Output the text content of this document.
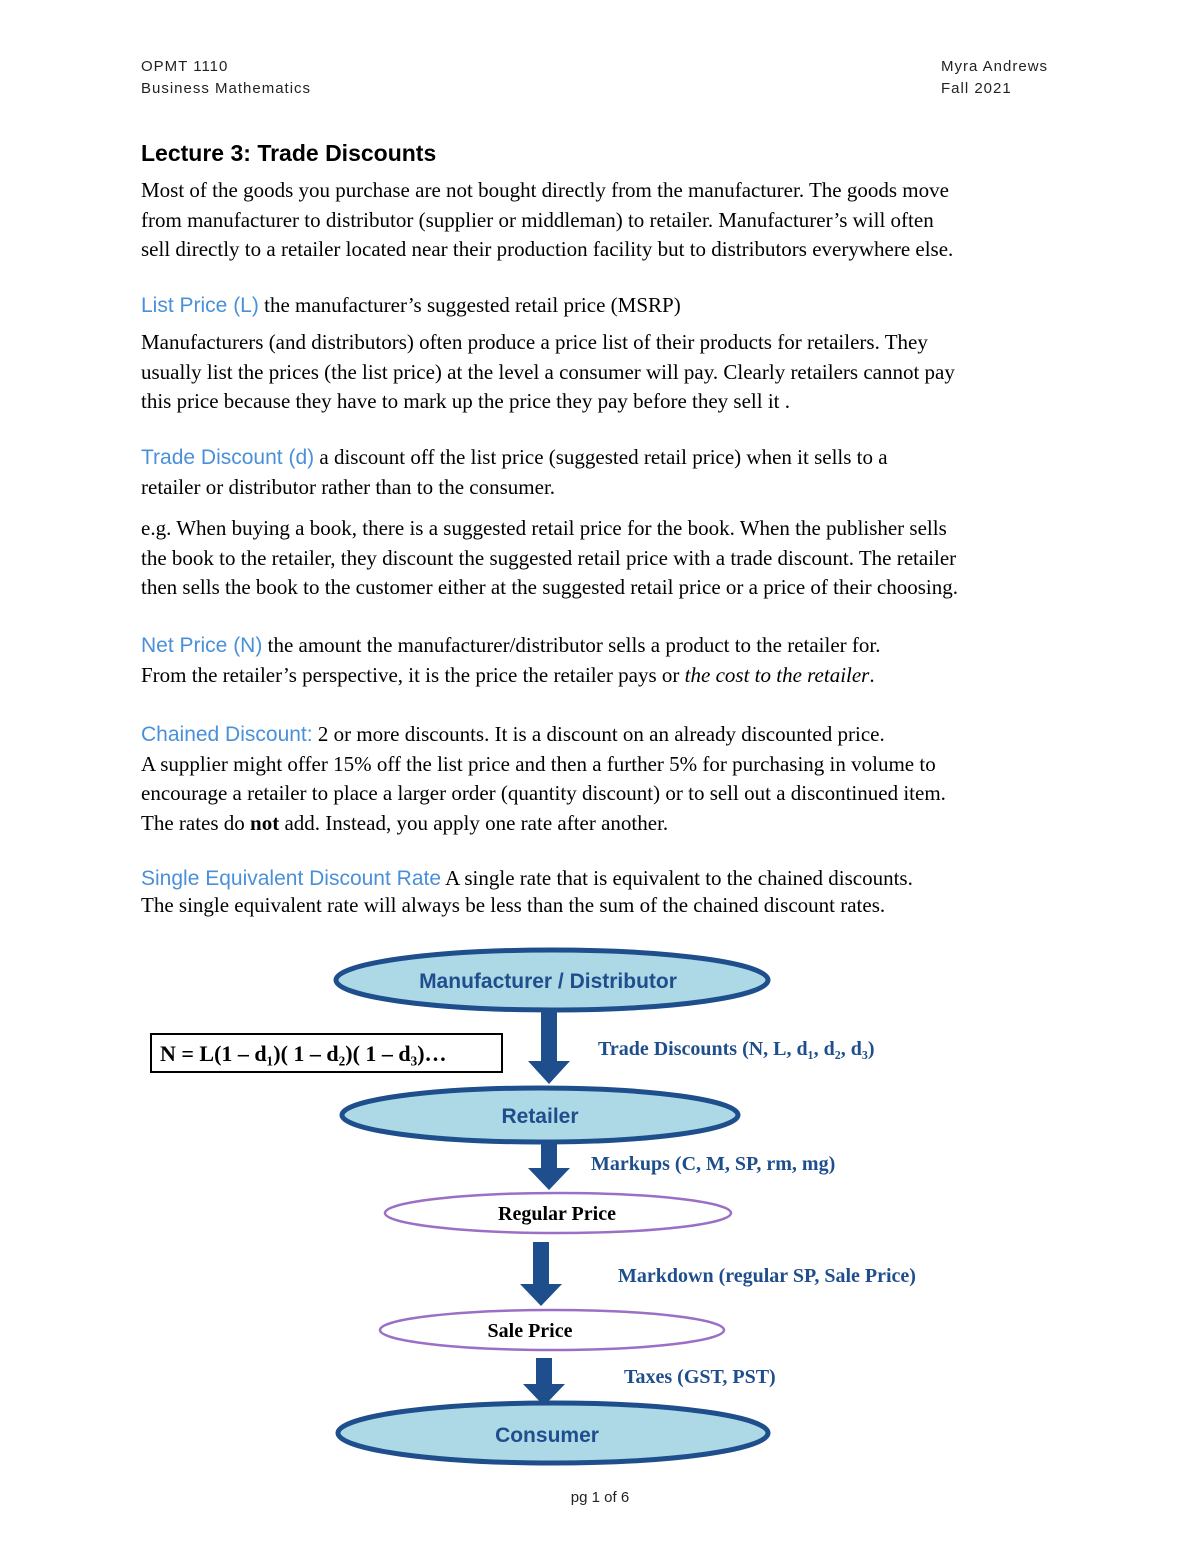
OPMT 1110
Business Mathematics
Myra Andrews
Fall 2021
Lecture 3: Trade Discounts

Most of the goods you purchase are not bought directly from the manufacturer. The goods move

from manufacturer to distributor (supplier or middleman) to retailer. Manufacturer’s will often

sell directly to a retailer located near their production facility but to distributors everywhere else.

List Price (L) the manufacturer’s suggested retail price (MSRP)

Manufacturers (and distributors) often produce a price list of their products for retailers. They

usually list the prices (the list price) at the level a consumer will pay. Clearly retailers cannot pay

this price because they have to mark up the price they pay before they sell it .

Trade Discount (d) a discount off the list price (suggested retail price) when it sells to a

retailer or distributor rather than to the consumer.

e.g. When buying a book, there is a suggested retail price for the book. When the publisher sells

the book to the retailer, they discount the suggested retail price with a trade discount. The retailer

then sells the book to the customer either at the suggested retail price or a price of their choosing.

Net Price (N) the amount the manufacturer/distributor sells a product to the retailer for.

From the retailer’s perspective, it is the price the retailer pays or the cost to the retailer.

Chained Discount: 2 or more discounts. It is a discount on an already discounted price.

A supplier might offer 15% off the list price and then a further 5% for purchasing in volume to

encourage a retailer to place a larger order (quantity discount) or to sell out a discontinued item.

The rates do not add. Instead, you apply one rate after another.

Single Equivalent Discount Rate A single rate that is equivalent to the chained discounts.

The single equivalent rate will always be less than the sum of the chained discount rates.

Manufacturer / Distributor
Retailer
Regular Price
Sale Price
Consumer
Trade Discounts (N, L, d₁, d₂, d₃)
Markups (C, M, SP, rm, mg)
Markdown (regular SP, Sale Price)
Taxes (GST, PST)
N = L(1 – d₁)( 1 – d₂)( 1 – d₃)…
pg 1 of 6
